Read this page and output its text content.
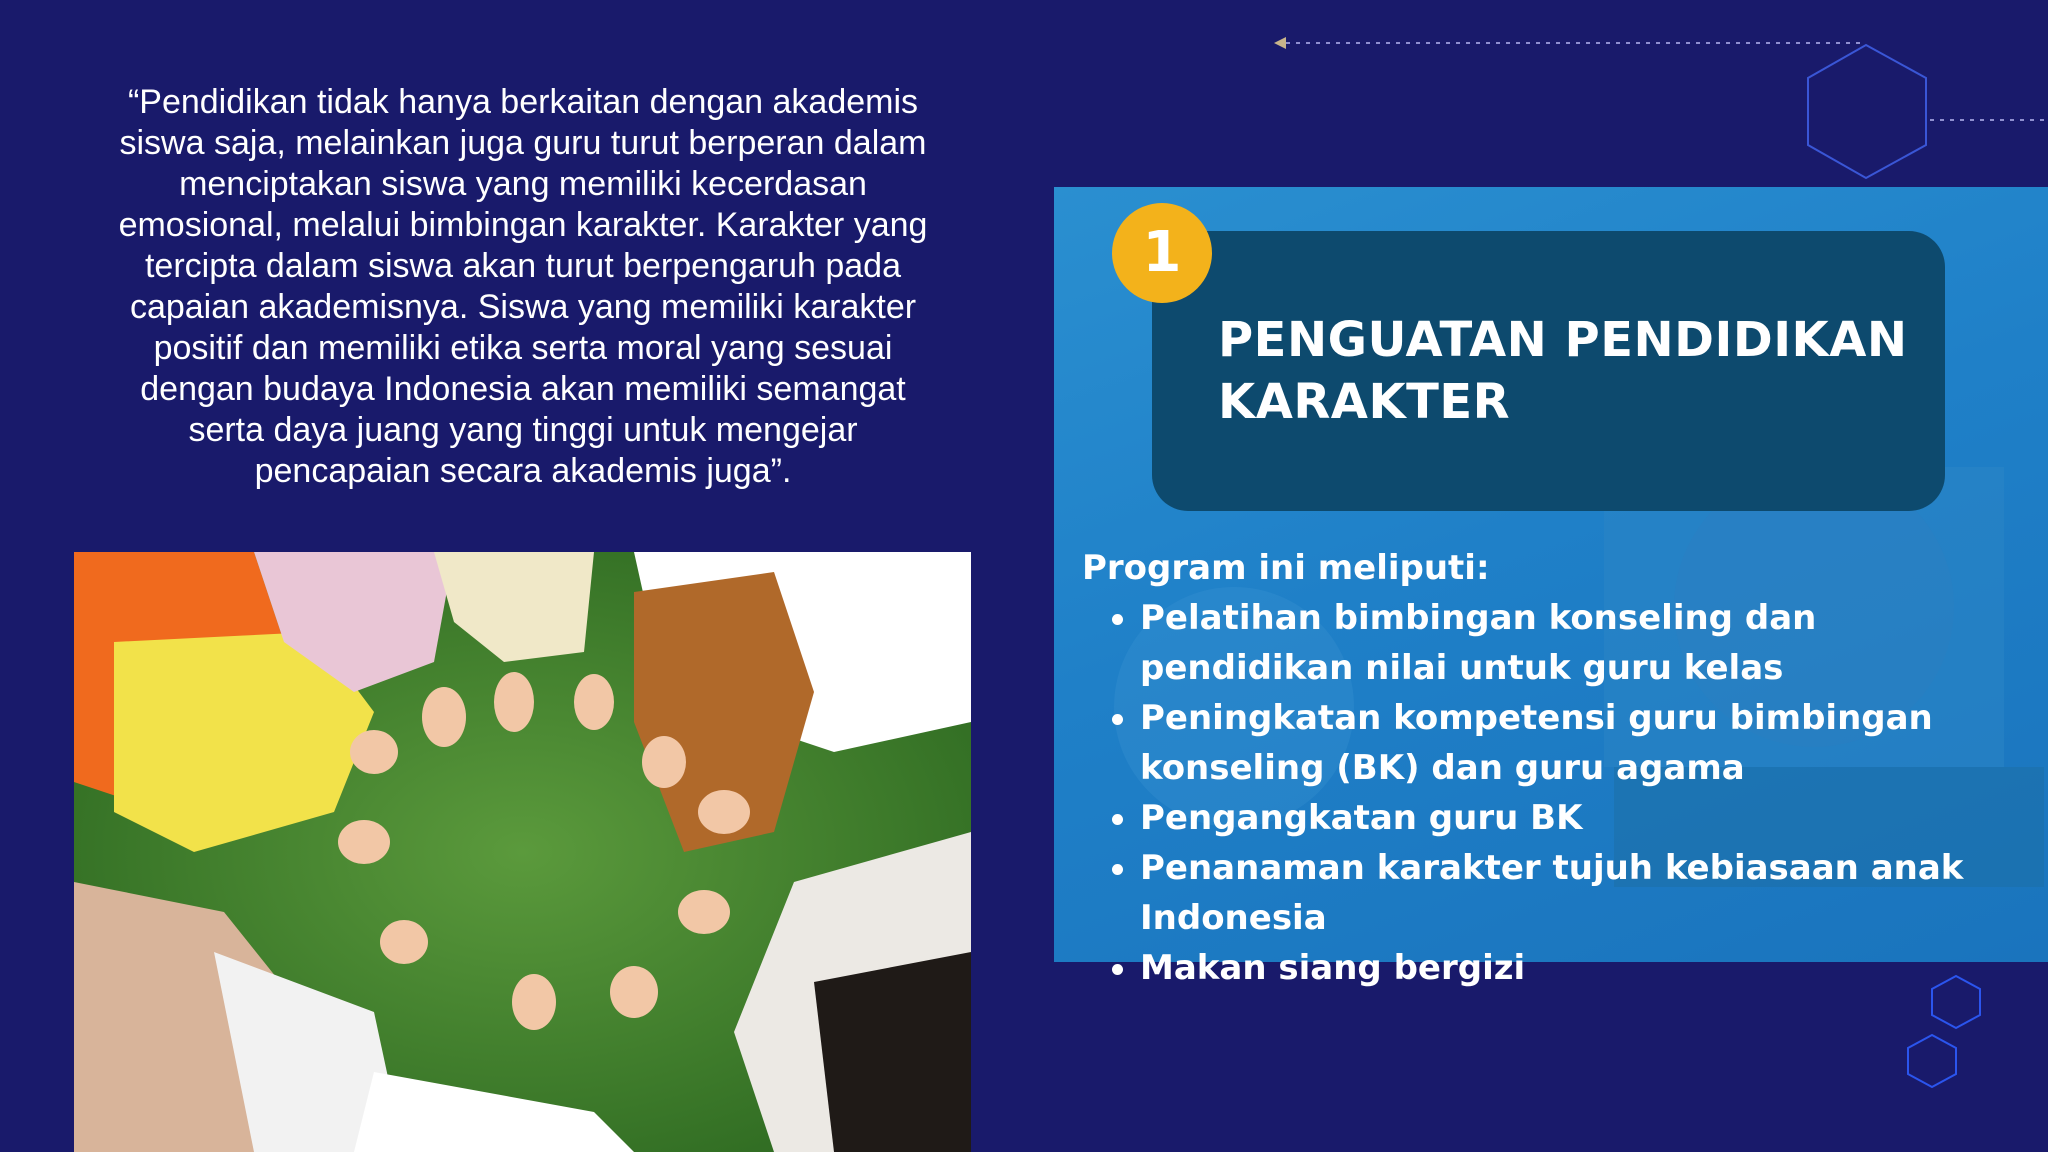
“Pendidikan tidak hanya berkaitan dengan akademis siswa saja, melainkan juga guru turut berperan dalam menciptakan siswa yang memiliki kecerdasan emosional, melalui bimbingan karakter. Karakter yang tercipta dalam siswa akan turut berpengaruh pada capaian akademisnya. Siswa yang memiliki karakter positif dan memiliki etika serta moral yang sesuai dengan budaya Indonesia akan memiliki semangat serta daya juang yang tinggi untuk mengejar pencapaian secara akademis juga”.
PENGUATAN PENDIDIKAN KARAKTER
1
Program ini meliputi:
Pelatihan bimbingan konseling dan pendidikan nilai untuk guru kelas
Peningkatan kompetensi guru bimbingan konseling (BK) dan guru agama
Pengangkatan guru BK
Penanaman karakter tujuh kebiasaan anak Indonesia
Makan siang bergizi
